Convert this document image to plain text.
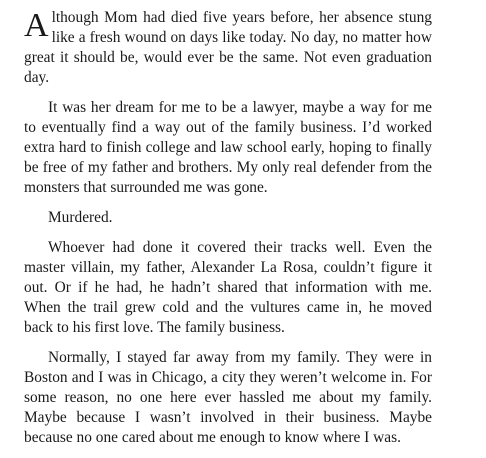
Although Mom had died five years before, her absence stung like a fresh wound on days like today. No day, no matter how great it should be, would ever be the same. Not even graduation day.

It was her dream for me to be a lawyer, maybe a way for me to eventually find a way out of the family business. I’d worked extra hard to finish college and law school early, hoping to finally be free of my father and brothers. My only real defender from the monsters that surrounded me was gone.

Murdered.

Whoever had done it covered their tracks well. Even the master villain, my father, Alexander La Rosa, couldn’t figure it out. Or if he had, he hadn’t shared that information with me. When the trail grew cold and the vultures came in, he moved back to his first love. The family business.

Normally, I stayed far away from my family. They were in Boston and I was in Chicago, a city they weren’t welcome in. For some reason, no one here ever hassled me about my family. Maybe because I wasn’t involved in their business. Maybe because no one cared about me enough to know where I was.
